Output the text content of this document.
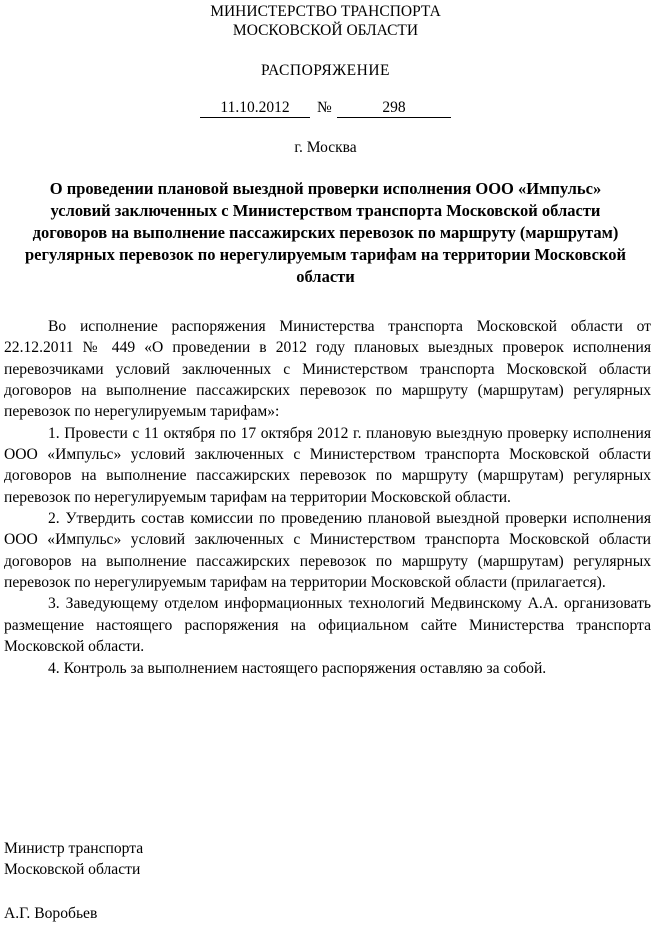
МИНИСТЕРСТВО ТРАНСПОРТА
МОСКОВСКОЙ ОБЛАСТИ
РАСПОРЯЖЕНИЕ
11.10.2012	№	298
г. Москва
О проведении плановой выездной проверки исполнения ООО «Импульс» условий заключенных с Министерством транспорта Московской области договоров на выполнение пассажирских перевозок по маршруту (маршрутам) регулярных перевозок по нерегулируемым тарифам на территории Московской области

Во исполнение распоряжения Министерства транспорта Московской области от 22.12.2011 № 449 «О проведении в 2012 году плановых выездных проверок исполнения перевозчиками условий заключенных с Министерством транспорта Московской области договоров на выполнение пассажирских перевозок по маршруту (маршрутам) регулярных перевозок по нерегулируемым тарифам»:

1. Провести с 11 октября по 17 октября 2012 г. плановую выездную проверку исполнения ООО «Импульс» условий заключенных с Министерством транспорта Московской области договоров на выполнение пассажирских перевозок по маршруту (маршрутам) регулярных перевозок по нерегулируемым тарифам на территории Московской области.

2. Утвердить состав комиссии по проведению плановой выездной проверки исполнения ООО «Импульс» условий заключенных с Министерством транспорта Московской области договоров на выполнение пассажирских перевозок по маршруту (маршрутам) регулярных перевозок по нерегулируемым тарифам на территории Московской области (прилагается).

3. Заведующему отделом информационных технологий Медвинскому А.А. организовать размещение настоящего распоряжения на официальном сайте Министерства транспорта Московской области.

4. Контроль за выполнением настоящего распоряжения оставляю за собой.

Министр транспорта
Московской области
А.Г. Воробьев
